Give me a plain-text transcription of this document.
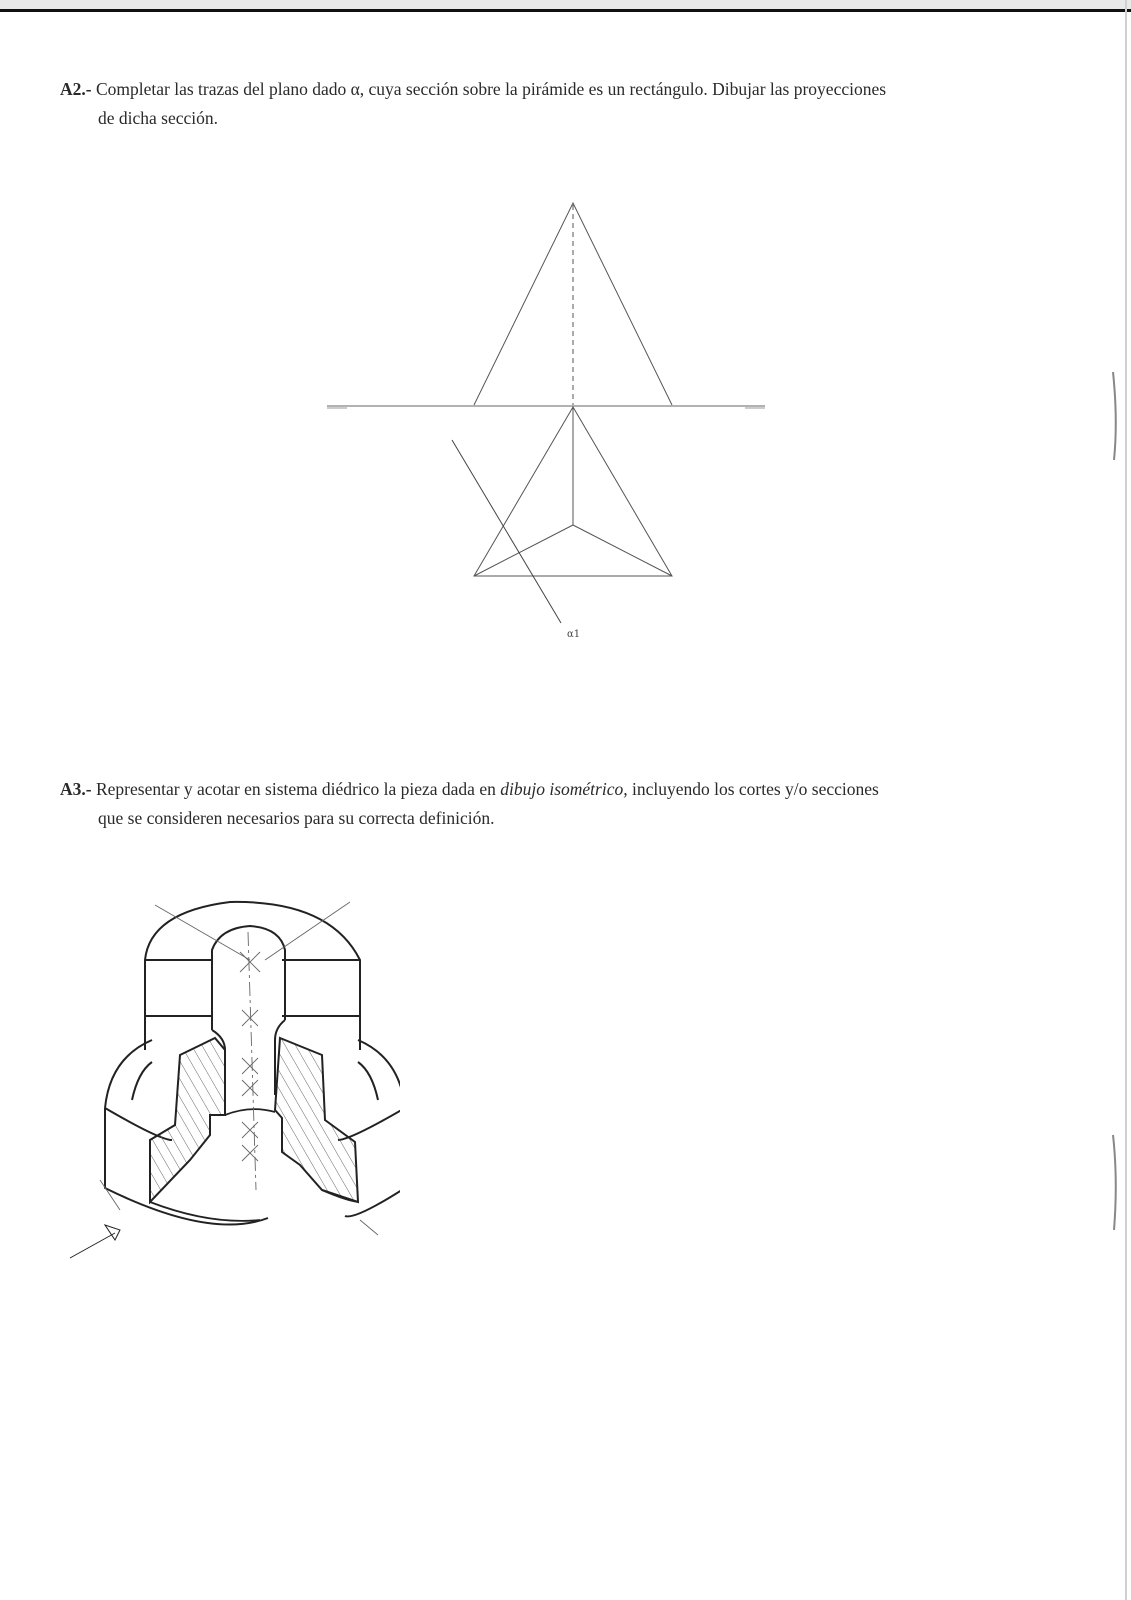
A2.- Completar las trazas del plano dado α, cuya sección sobre la pirámide es un rectángulo. Dibujar las proyecciones
de dicha sección.
α1
A3.- Representar y acotar en sistema diédrico la pieza dada en dibujo isométrico, incluyendo los cortes y/o secciones
que se consideren necesarios para su correcta definición.
